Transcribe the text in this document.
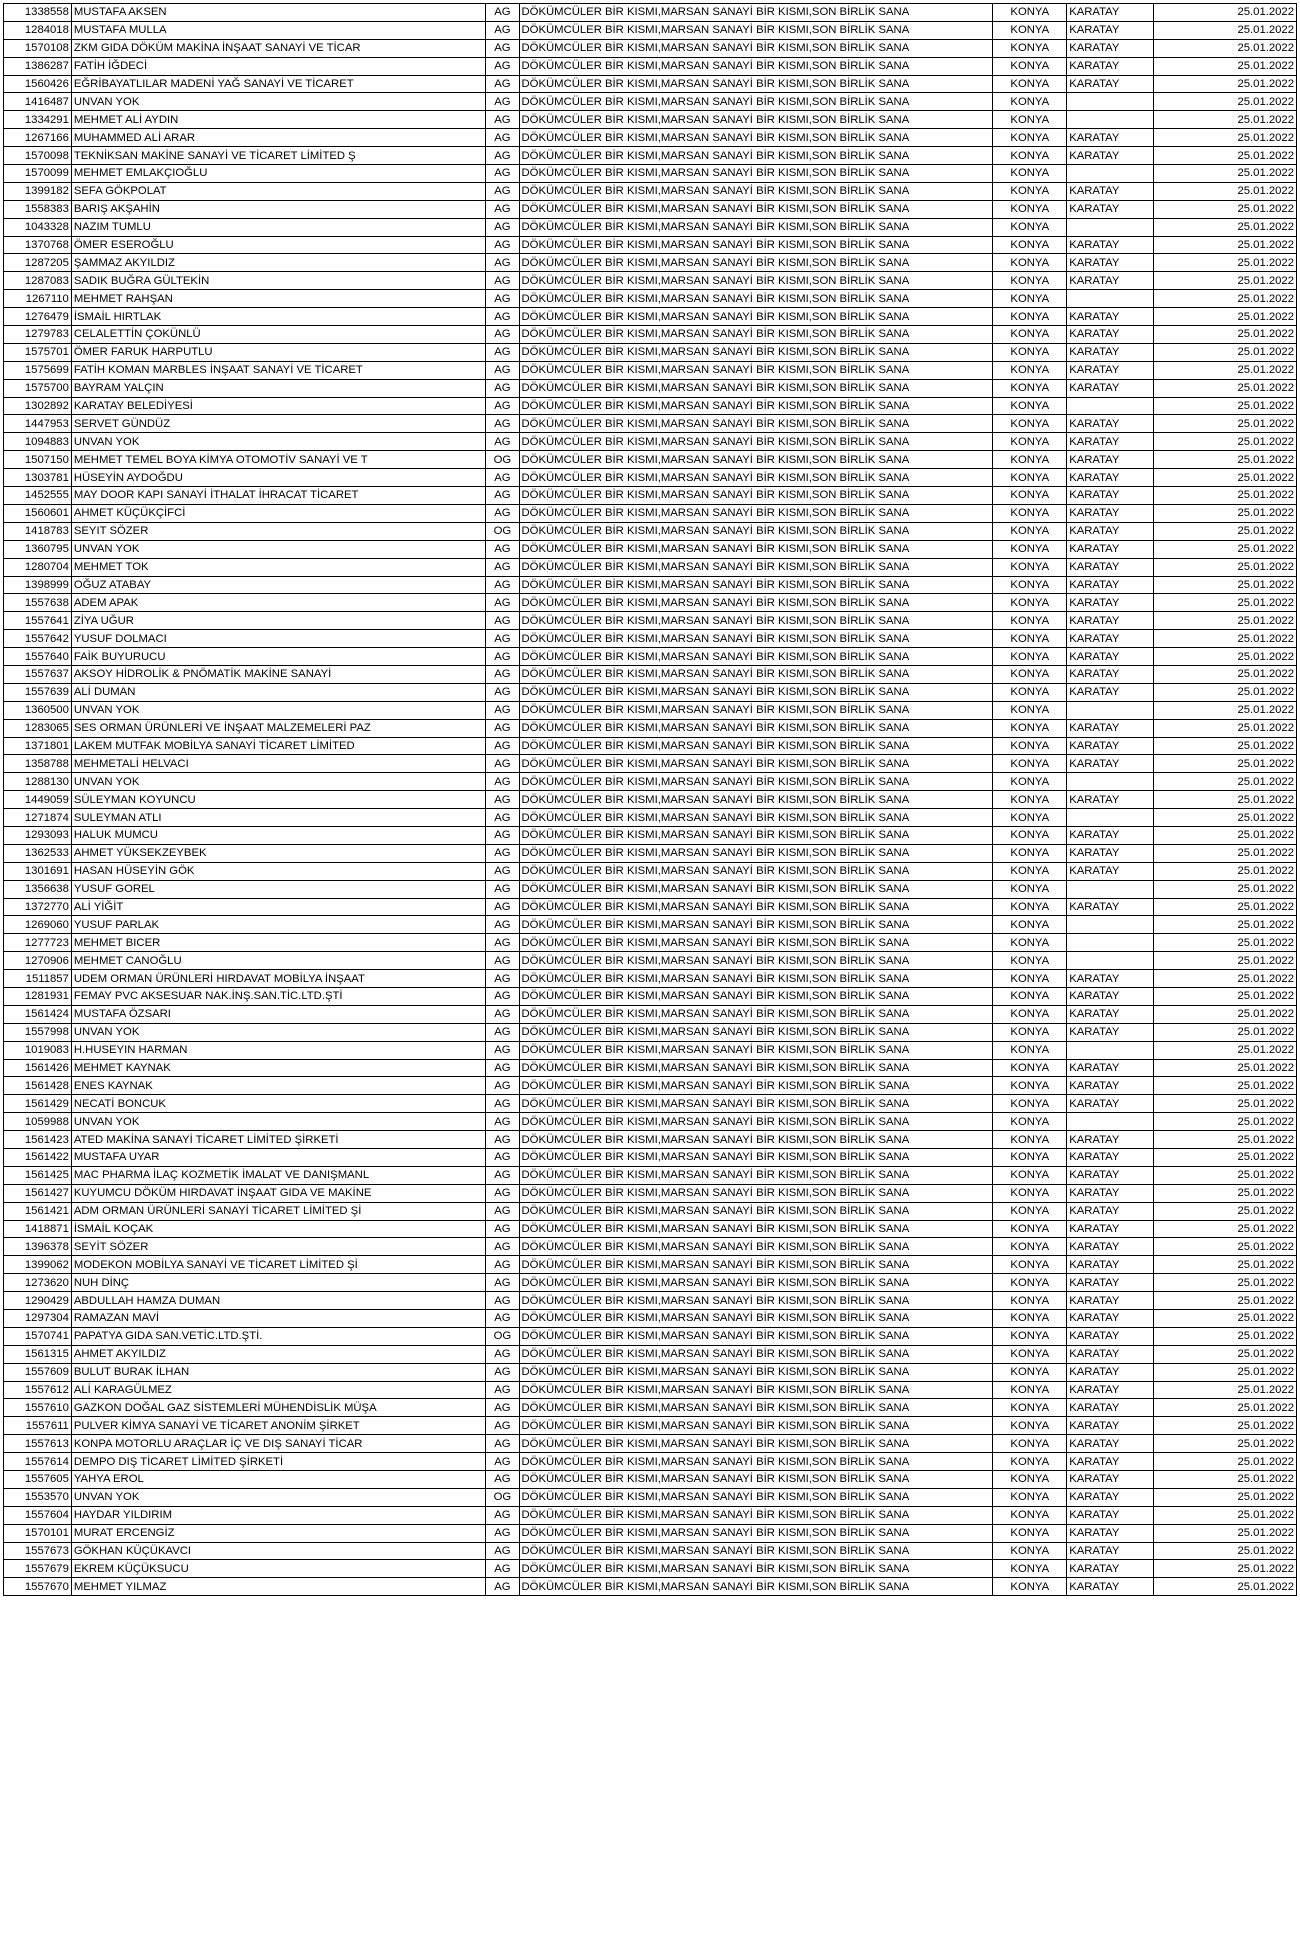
1338558	MUSTAFA AKSEN	AG	DÖKÜMCÜLER BİR KISMI,MARSAN SANAYİ BİR KISMI,SON BİRLİK SANA	KONYA	KARATAY	25.01.2022
1284018	MUSTAFA MULLA	AG	DÖKÜMCÜLER BİR KISMI,MARSAN SANAYİ BİR KISMI,SON BİRLİK SANA	KONYA	KARATAY	25.01.2022
1570108	ZKM GIDA DÖKÜM MAKİNA İNŞAAT SANAYİ VE TİCAR	AG	DÖKÜMCÜLER BİR KISMI,MARSAN SANAYİ BİR KISMI,SON BİRLİK SANA	KONYA	KARATAY	25.01.2022
1386287	FATİH İĞDECİ	AG	DÖKÜMCÜLER BİR KISMI,MARSAN SANAYİ BİR KISMI,SON BİRLİK SANA	KONYA	KARATAY	25.01.2022
1560426	EĞRİBAYATLILAR MADENİ YAĞ SANAYİ VE TİCARET	AG	DÖKÜMCÜLER BİR KISMI,MARSAN SANAYİ BİR KISMI,SON BİRLİK SANA	KONYA	KARATAY	25.01.2022
1416487	UNVAN YOK	AG	DÖKÜMCÜLER BİR KISMI,MARSAN SANAYİ BİR KISMI,SON BİRLİK SANA	KONYA		25.01.2022
1334291	MEHMET ALİ AYDIN	AG	DÖKÜMCÜLER BİR KISMI,MARSAN SANAYİ BİR KISMI,SON BİRLİK SANA	KONYA		25.01.2022
1267166	MUHAMMED ALİ ARAR	AG	DÖKÜMCÜLER BİR KISMI,MARSAN SANAYİ BİR KISMI,SON BİRLİK SANA	KONYA	KARATAY	25.01.2022
1570098	TEKNİKSAN MAKİNE SANAYİ VE TİCARET LİMİTED Ş	AG	DÖKÜMCÜLER BİR KISMI,MARSAN SANAYİ BİR KISMI,SON BİRLİK SANA	KONYA	KARATAY	25.01.2022
1570099	MEHMET EMLAKÇIOĞLU	AG	DÖKÜMCÜLER BİR KISMI,MARSAN SANAYİ BİR KISMI,SON BİRLİK SANA	KONYA		25.01.2022
1399182	SEFA GÖKPOLAT	AG	DÖKÜMCÜLER BİR KISMI,MARSAN SANAYİ BİR KISMI,SON BİRLİK SANA	KONYA	KARATAY	25.01.2022
1558383	BARIŞ AKŞAHİN	AG	DÖKÜMCÜLER BİR KISMI,MARSAN SANAYİ BİR KISMI,SON BİRLİK SANA	KONYA	KARATAY	25.01.2022
1043328	NAZIM TUMLU	AG	DÖKÜMCÜLER BİR KISMI,MARSAN SANAYİ BİR KISMI,SON BİRLİK SANA	KONYA		25.01.2022
1370768	ÖMER ESEROĞLU	AG	DÖKÜMCÜLER BİR KISMI,MARSAN SANAYİ BİR KISMI,SON BİRLİK SANA	KONYA	KARATAY	25.01.2022
1287205	ŞAMMAZ AKYILDIZ	AG	DÖKÜMCÜLER BİR KISMI,MARSAN SANAYİ BİR KISMI,SON BİRLİK SANA	KONYA	KARATAY	25.01.2022
1287083	SADIK BUĞRA GÜLTEKİN	AG	DÖKÜMCÜLER BİR KISMI,MARSAN SANAYİ BİR KISMI,SON BİRLİK SANA	KONYA	KARATAY	25.01.2022
1267110	MEHMET RAHŞAN	AG	DÖKÜMCÜLER BİR KISMI,MARSAN SANAYİ BİR KISMI,SON BİRLİK SANA	KONYA		25.01.2022
1276479	İSMAİL HIRTLAK	AG	DÖKÜMCÜLER BİR KISMI,MARSAN SANAYİ BİR KISMI,SON BİRLİK SANA	KONYA	KARATAY	25.01.2022
1279783	CELALETTİN ÇOKÜNLÜ	AG	DÖKÜMCÜLER BİR KISMI,MARSAN SANAYİ BİR KISMI,SON BİRLİK SANA	KONYA	KARATAY	25.01.2022
1575701	ÖMER FARUK HARPUTLU	AG	DÖKÜMCÜLER BİR KISMI,MARSAN SANAYİ BİR KISMI,SON BİRLİK SANA	KONYA	KARATAY	25.01.2022
1575699	FATİH KOMAN MARBLES İNŞAAT SANAYİ VE TİCARET	AG	DÖKÜMCÜLER BİR KISMI,MARSAN SANAYİ BİR KISMI,SON BİRLİK SANA	KONYA	KARATAY	25.01.2022
1575700	BAYRAM YALÇIN	AG	DÖKÜMCÜLER BİR KISMI,MARSAN SANAYİ BİR KISMI,SON BİRLİK SANA	KONYA	KARATAY	25.01.2022
1302892	KARATAY BELEDİYESİ	AG	DÖKÜMCÜLER BİR KISMI,MARSAN SANAYİ BİR KISMI,SON BİRLİK SANA	KONYA		25.01.2022
1447953	SERVET GÜNDÜZ	AG	DÖKÜMCÜLER BİR KISMI,MARSAN SANAYİ BİR KISMI,SON BİRLİK SANA	KONYA	KARATAY	25.01.2022
1094883	UNVAN YOK	AG	DÖKÜMCÜLER BİR KISMI,MARSAN SANAYİ BİR KISMI,SON BİRLİK SANA	KONYA	KARATAY	25.01.2022
1507150	MEHMET TEMEL BOYA KİMYA OTOMOTİV SANAYİ VE T	OG	DÖKÜMCÜLER BİR KISMI,MARSAN SANAYİ BİR KISMI,SON BİRLİK SANA	KONYA	KARATAY	25.01.2022
1303781	HÜSEYİN AYDOĞDU	AG	DÖKÜMCÜLER BİR KISMI,MARSAN SANAYİ BİR KISMI,SON BİRLİK SANA	KONYA	KARATAY	25.01.2022
1452555	MAY DOOR KAPI SANAYİ İTHALAT İHRACAT TİCARET	AG	DÖKÜMCÜLER BİR KISMI,MARSAN SANAYİ BİR KISMI,SON BİRLİK SANA	KONYA	KARATAY	25.01.2022
1560601	AHMET KÜÇÜKÇİFCİ	AG	DÖKÜMCÜLER BİR KISMI,MARSAN SANAYİ BİR KISMI,SON BİRLİK SANA	KONYA	KARATAY	25.01.2022
1418783	SEYIT SÖZER	OG	DÖKÜMCÜLER BİR KISMI,MARSAN SANAYİ BİR KISMI,SON BİRLİK SANA	KONYA	KARATAY	25.01.2022
1360795	UNVAN YOK	AG	DÖKÜMCÜLER BİR KISMI,MARSAN SANAYİ BİR KISMI,SON BİRLİK SANA	KONYA	KARATAY	25.01.2022
1280704	MEHMET TOK	AG	DÖKÜMCÜLER BİR KISMI,MARSAN SANAYİ BİR KISMI,SON BİRLİK SANA	KONYA	KARATAY	25.01.2022
1398999	OĞUZ ATABAY	AG	DÖKÜMCÜLER BİR KISMI,MARSAN SANAYİ BİR KISMI,SON BİRLİK SANA	KONYA	KARATAY	25.01.2022
1557638	ADEM APAK	AG	DÖKÜMCÜLER BİR KISMI,MARSAN SANAYİ BİR KISMI,SON BİRLİK SANA	KONYA	KARATAY	25.01.2022
1557641	ZİYA UĞUR	AG	DÖKÜMCÜLER BİR KISMI,MARSAN SANAYİ BİR KISMI,SON BİRLİK SANA	KONYA	KARATAY	25.01.2022
1557642	YUSUF DOLMACI	AG	DÖKÜMCÜLER BİR KISMI,MARSAN SANAYİ BİR KISMI,SON BİRLİK SANA	KONYA	KARATAY	25.01.2022
1557640	FAİK BUYURUCU	AG	DÖKÜMCÜLER BİR KISMI,MARSAN SANAYİ BİR KISMI,SON BİRLİK SANA	KONYA	KARATAY	25.01.2022
1557637	AKSOY HİDROLİK & PNÖMATİK MAKİNE SANAYİ	AG	DÖKÜMCÜLER BİR KISMI,MARSAN SANAYİ BİR KISMI,SON BİRLİK SANA	KONYA	KARATAY	25.01.2022
1557639	ALİ DUMAN	AG	DÖKÜMCÜLER BİR KISMI,MARSAN SANAYİ BİR KISMI,SON BİRLİK SANA	KONYA	KARATAY	25.01.2022
1360500	UNVAN YOK	AG	DÖKÜMCÜLER BİR KISMI,MARSAN SANAYİ BİR KISMI,SON BİRLİK SANA	KONYA		25.01.2022
1283065	SES ORMAN ÜRÜNLERİ VE İNŞAAT MALZEMELERİ PAZ	AG	DÖKÜMCÜLER BİR KISMI,MARSAN SANAYİ BİR KISMI,SON BİRLİK SANA	KONYA	KARATAY	25.01.2022
1371801	LAKEM MUTFAK MOBİLYA SANAYİ TİCARET LİMİTED	AG	DÖKÜMCÜLER BİR KISMI,MARSAN SANAYİ BİR KISMI,SON BİRLİK SANA	KONYA	KARATAY	25.01.2022
1358788	MEHMETALİ HELVACI	AG	DÖKÜMCÜLER BİR KISMI,MARSAN SANAYİ BİR KISMI,SON BİRLİK SANA	KONYA	KARATAY	25.01.2022
1288130	UNVAN YOK	AG	DÖKÜMCÜLER BİR KISMI,MARSAN SANAYİ BİR KISMI,SON BİRLİK SANA	KONYA		25.01.2022
1449059	SÜLEYMAN KOYUNCU	AG	DÖKÜMCÜLER BİR KISMI,MARSAN SANAYİ BİR KISMI,SON BİRLİK SANA	KONYA	KARATAY	25.01.2022
1271874	SULEYMAN ATLI	AG	DÖKÜMCÜLER BİR KISMI,MARSAN SANAYİ BİR KISMI,SON BİRLİK SANA	KONYA		25.01.2022
1293093	HALUK MUMCU	AG	DÖKÜMCÜLER BİR KISMI,MARSAN SANAYİ BİR KISMI,SON BİRLİK SANA	KONYA	KARATAY	25.01.2022
1362533	AHMET YÜKSEKZEYBEK	AG	DÖKÜMCÜLER BİR KISMI,MARSAN SANAYİ BİR KISMI,SON BİRLİK SANA	KONYA	KARATAY	25.01.2022
1301691	HASAN HÜSEYİN GÖK	AG	DÖKÜMCÜLER BİR KISMI,MARSAN SANAYİ BİR KISMI,SON BİRLİK SANA	KONYA	KARATAY	25.01.2022
1356638	YUSUF GOREL	AG	DÖKÜMCÜLER BİR KISMI,MARSAN SANAYİ BİR KISMI,SON BİRLİK SANA	KONYA		25.01.2022
1372770	ALİ YİĞİT	AG	DÖKÜMCÜLER BİR KISMI,MARSAN SANAYİ BİR KISMI,SON BİRLİK SANA	KONYA	KARATAY	25.01.2022
1269060	YUSUF PARLAK	AG	DÖKÜMCÜLER BİR KISMI,MARSAN SANAYİ BİR KISMI,SON BİRLİK SANA	KONYA		25.01.2022
1277723	MEHMET BICER	AG	DÖKÜMCÜLER BİR KISMI,MARSAN SANAYİ BİR KISMI,SON BİRLİK SANA	KONYA		25.01.2022
1270906	MEHMET CANOĞLU	AG	DÖKÜMCÜLER BİR KISMI,MARSAN SANAYİ BİR KISMI,SON BİRLİK SANA	KONYA		25.01.2022
1511857	UDEM ORMAN ÜRÜNLERİ HIRDAVAT MOBİLYA İNŞAAT	AG	DÖKÜMCÜLER BİR KISMI,MARSAN SANAYİ BİR KISMI,SON BİRLİK SANA	KONYA	KARATAY	25.01.2022
1281931	FEMAY PVC AKSESUAR NAK.İNŞ.SAN.TİC.LTD.ŞTİ	AG	DÖKÜMCÜLER BİR KISMI,MARSAN SANAYİ BİR KISMI,SON BİRLİK SANA	KONYA	KARATAY	25.01.2022
1561424	MUSTAFA ÖZSARI	AG	DÖKÜMCÜLER BİR KISMI,MARSAN SANAYİ BİR KISMI,SON BİRLİK SANA	KONYA	KARATAY	25.01.2022
1557998	UNVAN YOK	AG	DÖKÜMCÜLER BİR KISMI,MARSAN SANAYİ BİR KISMI,SON BİRLİK SANA	KONYA	KARATAY	25.01.2022
1019083	H.HUSEYIN HARMAN	AG	DÖKÜMCÜLER BİR KISMI,MARSAN SANAYİ BİR KISMI,SON BİRLİK SANA	KONYA		25.01.2022
1561426	MEHMET KAYNAK	AG	DÖKÜMCÜLER BİR KISMI,MARSAN SANAYİ BİR KISMI,SON BİRLİK SANA	KONYA	KARATAY	25.01.2022
1561428	ENES KAYNAK	AG	DÖKÜMCÜLER BİR KISMI,MARSAN SANAYİ BİR KISMI,SON BİRLİK SANA	KONYA	KARATAY	25.01.2022
1561429	NECATİ BONCUK	AG	DÖKÜMCÜLER BİR KISMI,MARSAN SANAYİ BİR KISMI,SON BİRLİK SANA	KONYA	KARATAY	25.01.2022
1059988	UNVAN YOK	AG	DÖKÜMCÜLER BİR KISMI,MARSAN SANAYİ BİR KISMI,SON BİRLİK SANA	KONYA		25.01.2022
1561423	ATED MAKİNA SANAYİ TİCARET LİMİTED ŞİRKETİ	AG	DÖKÜMCÜLER BİR KISMI,MARSAN SANAYİ BİR KISMI,SON BİRLİK SANA	KONYA	KARATAY	25.01.2022
1561422	MUSTAFA UYAR	AG	DÖKÜMCÜLER BİR KISMI,MARSAN SANAYİ BİR KISMI,SON BİRLİK SANA	KONYA	KARATAY	25.01.2022
1561425	MAC PHARMA İLAÇ KOZMETİK İMALAT VE DANIŞMANL	AG	DÖKÜMCÜLER BİR KISMI,MARSAN SANAYİ BİR KISMI,SON BİRLİK SANA	KONYA	KARATAY	25.01.2022
1561427	KUYUMCU DÖKÜM HIRDAVAT İNŞAAT GIDA VE MAKİNE	AG	DÖKÜMCÜLER BİR KISMI,MARSAN SANAYİ BİR KISMI,SON BİRLİK SANA	KONYA	KARATAY	25.01.2022
1561421	ADM ORMAN ÜRÜNLERİ SANAYİ TİCARET LİMİTED Şİ	AG	DÖKÜMCÜLER BİR KISMI,MARSAN SANAYİ BİR KISMI,SON BİRLİK SANA	KONYA	KARATAY	25.01.2022
1418871	İSMAİL KOÇAK	AG	DÖKÜMCÜLER BİR KISMI,MARSAN SANAYİ BİR KISMI,SON BİRLİK SANA	KONYA	KARATAY	25.01.2022
1396378	SEYİT SÖZER	AG	DÖKÜMCÜLER BİR KISMI,MARSAN SANAYİ BİR KISMI,SON BİRLİK SANA	KONYA	KARATAY	25.01.2022
1399062	MODEKON MOBİLYA SANAYİ VE TİCARET LİMİTED Şİ	AG	DÖKÜMCÜLER BİR KISMI,MARSAN SANAYİ BİR KISMI,SON BİRLİK SANA	KONYA	KARATAY	25.01.2022
1273620	NUH DİNÇ	AG	DÖKÜMCÜLER BİR KISMI,MARSAN SANAYİ BİR KISMI,SON BİRLİK SANA	KONYA	KARATAY	25.01.2022
1290429	ABDULLAH HAMZA DUMAN	AG	DÖKÜMCÜLER BİR KISMI,MARSAN SANAYİ BİR KISMI,SON BİRLİK SANA	KONYA	KARATAY	25.01.2022
1297304	RAMAZAN MAVİ	AG	DÖKÜMCÜLER BİR KISMI,MARSAN SANAYİ BİR KISMI,SON BİRLİK SANA	KONYA	KARATAY	25.01.2022
1570741	PAPATYA GIDA SAN.VETİC.LTD.ŞTİ.	OG	DÖKÜMCÜLER BİR KISMI,MARSAN SANAYİ BİR KISMI,SON BİRLİK SANA	KONYA	KARATAY	25.01.2022
1561315	AHMET AKYILDIZ	AG	DÖKÜMCÜLER BİR KISMI,MARSAN SANAYİ BİR KISMI,SON BİRLİK SANA	KONYA	KARATAY	25.01.2022
1557609	BULUT BURAK İLHAN	AG	DÖKÜMCÜLER BİR KISMI,MARSAN SANAYİ BİR KISMI,SON BİRLİK SANA	KONYA	KARATAY	25.01.2022
1557612	ALİ KARAGÜLMEZ	AG	DÖKÜMCÜLER BİR KISMI,MARSAN SANAYİ BİR KISMI,SON BİRLİK SANA	KONYA	KARATAY	25.01.2022
1557610	GAZKON DOĞAL GAZ SİSTEMLERİ MÜHENDİSLİK MÜŞA	AG	DÖKÜMCÜLER BİR KISMI,MARSAN SANAYİ BİR KISMI,SON BİRLİK SANA	KONYA	KARATAY	25.01.2022
1557611	PULVER KİMYA SANAYİ VE TİCARET ANONİM ŞİRKET	AG	DÖKÜMCÜLER BİR KISMI,MARSAN SANAYİ BİR KISMI,SON BİRLİK SANA	KONYA	KARATAY	25.01.2022
1557613	KONPA MOTORLU ARAÇLAR İÇ VE DIŞ SANAYİ TİCAR	AG	DÖKÜMCÜLER BİR KISMI,MARSAN SANAYİ BİR KISMI,SON BİRLİK SANA	KONYA	KARATAY	25.01.2022
1557614	DEMPO DIŞ TİCARET LİMİTED ŞİRKETİ	AG	DÖKÜMCÜLER BİR KISMI,MARSAN SANAYİ BİR KISMI,SON BİRLİK SANA	KONYA	KARATAY	25.01.2022
1557605	YAHYA EROL	AG	DÖKÜMCÜLER BİR KISMI,MARSAN SANAYİ BİR KISMI,SON BİRLİK SANA	KONYA	KARATAY	25.01.2022
1553570	UNVAN YOK	OG	DÖKÜMCÜLER BİR KISMI,MARSAN SANAYİ BİR KISMI,SON BİRLİK SANA	KONYA	KARATAY	25.01.2022
1557604	HAYDAR YILDIRIM	AG	DÖKÜMCÜLER BİR KISMI,MARSAN SANAYİ BİR KISMI,SON BİRLİK SANA	KONYA	KARATAY	25.01.2022
1570101	MURAT ERCENGİZ	AG	DÖKÜMCÜLER BİR KISMI,MARSAN SANAYİ BİR KISMI,SON BİRLİK SANA	KONYA	KARATAY	25.01.2022
1557673	GÖKHAN KÜÇÜKAVCI	AG	DÖKÜMCÜLER BİR KISMI,MARSAN SANAYİ BİR KISMI,SON BİRLİK SANA	KONYA	KARATAY	25.01.2022
1557679	EKREM KÜÇÜKSUCU	AG	DÖKÜMCÜLER BİR KISMI,MARSAN SANAYİ BİR KISMI,SON BİRLİK SANA	KONYA	KARATAY	25.01.2022
1557670	MEHMET YILMAZ	AG	DÖKÜMCÜLER BİR KISMI,MARSAN SANAYİ BİR KISMI,SON BİRLİK SANA	KONYA	KARATAY	25.01.2022
